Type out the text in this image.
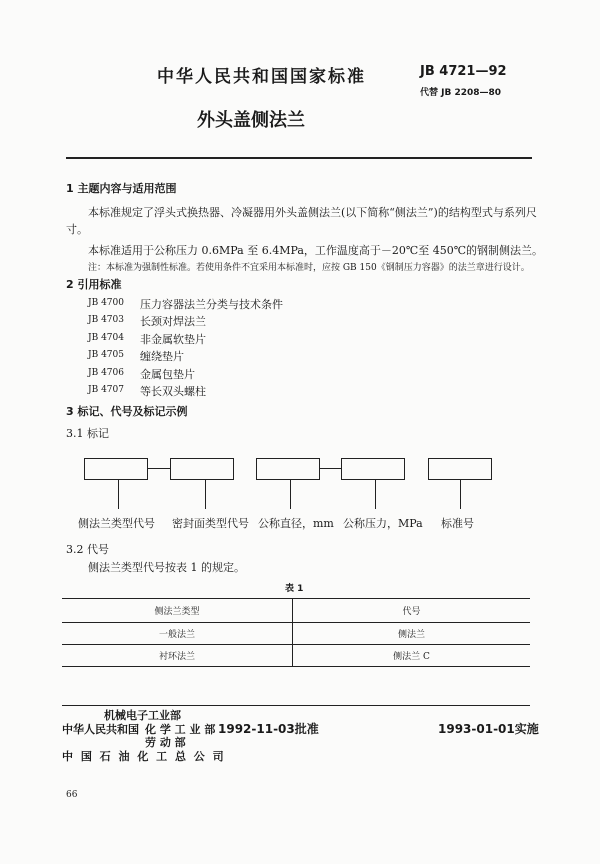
中华人民共和国国家标准	JB 4721—92
代替 JB 2208—80
外头盖侧法兰
1 主题内容与适用范围
本标准规定了浮头式换热器、冷凝器用外头盖侧法兰(以下简称“侧法兰”)的结构型式与系列尺
寸。
本标准适用于公称压力 0.6MPa 至 6.4MPa，工作温度高于－20℃至 450℃的钢制侧法兰。
注：本标准为强制性标准。若使用条件不宜采用本标准时，应按 GB 150《钢制压力容器》的法兰章进行设计。
2 引用标准
JB 4700 压力容器法兰分类与技术条件
JB 4703 长颈对焊法兰
JB 4704 非金属软垫片
JB 4705 缠绕垫片
JB 4706 金属包垫片
JB 4707 等长双头螺柱
3 标记、代号及标记示例
3.1 标记
侧法兰类型代号 密封面类型代号 公称直径，mm 公称压力，MPa 标准号
3.2 代号
侧法兰类型代号按表 1 的规定。
表 1
侧法兰类型	代号
一般法兰	侧法兰
衬环法兰	侧法兰 C
机械电子工业部
中华人民共和国 化 学 工 业 部
劳 动 部
中 国 石 油 化 工 总 公 司
1992-11-03批准	1993-01-01实施
66
